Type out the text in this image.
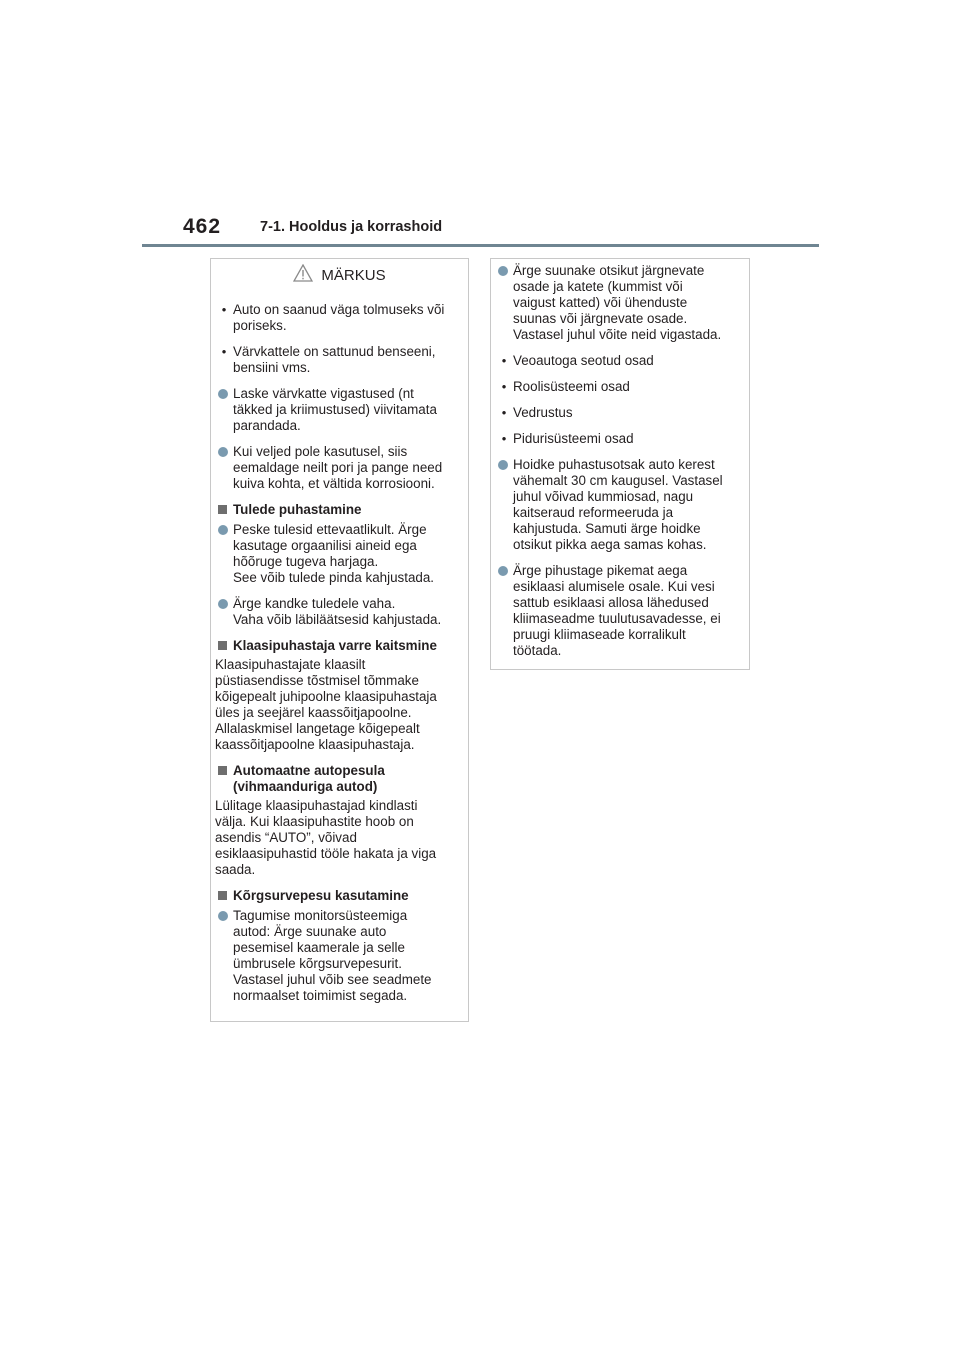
462	7-1. Hooldus ja korrashoid
MÄRKUS
• Auto on saanud väga tolmuseks või
poriseks.
• Värvkattele on sattunud benseeni,
bensiini vms.
Laske värvkatte vigastused (nt
täkked ja kriimustused) viivitamata
parandada.
Kui veljed pole kasutusel, siis
eemaldage neilt pori ja pange need
kuiva kohta, et vältida korrosiooni.
Tulede puhastamine
Peske tulesid ettevaatlikult. Ärge
kasutage orgaanilisi aineid ega
hõõruge tugeva harjaga.
See võib tulede pinda kahjustada.
Ärge kandke tuledele vaha.
Vaha võib läbiläätsesid kahjustada.
Klaasipuhastaja varre kaitsmine
Klaasipuhastajate klaasilt
püstiasendisse tõstmisel tõmmake
kõigepealt juhipoolne klaasipuhastaja
üles ja seejärel kaassõitjapoolne.
Allalaskmisel langetage kõigepealt
kaassõitjapoolne klaasipuhastaja.
Automaatne autopesula
(vihmaanduriga autod)
Lülitage klaasipuhastajad kindlasti
välja. Kui klaasipuhastite hoob on
asendis “AUTO”, võivad
esiklaasipuhastid tööle hakata ja viga
saada.
Kõrgsurvepesu kasutamine
Tagumise monitorsüsteemiga
autod: Ärge suunake auto
pesemisel kaamerale ja selle
ümbrusele kõrgsurvepesurit.
Vastasel juhul võib see seadmete
normaalset toimimist segada.
Ärge suunake otsikut järgnevate
osade ja katete (kummist või
vaigust katted) või ühenduste
suunas või järgnevate osade.
Vastasel juhul võite neid vigastada.
• Veoautoga seotud osad
• Roolisüsteemi osad
• Vedrustus
• Pidurisüsteemi osad
Hoidke puhastusotsak auto kerest
vähemalt 30 cm kaugusel. Vastasel
juhul võivad kummiosad, nagu
kaitseraud reformeeruda ja
kahjustuda. Samuti ärge hoidke
otsikut pikka aega samas kohas.
Ärge pihustage pikemat aega
esiklaasi alumisele osale. Kui vesi
sattub esiklaasi allosa lähedused
kliimaseadme tuulutusavadesse, ei
pruugi kliimaseade korralikult
töötada.
